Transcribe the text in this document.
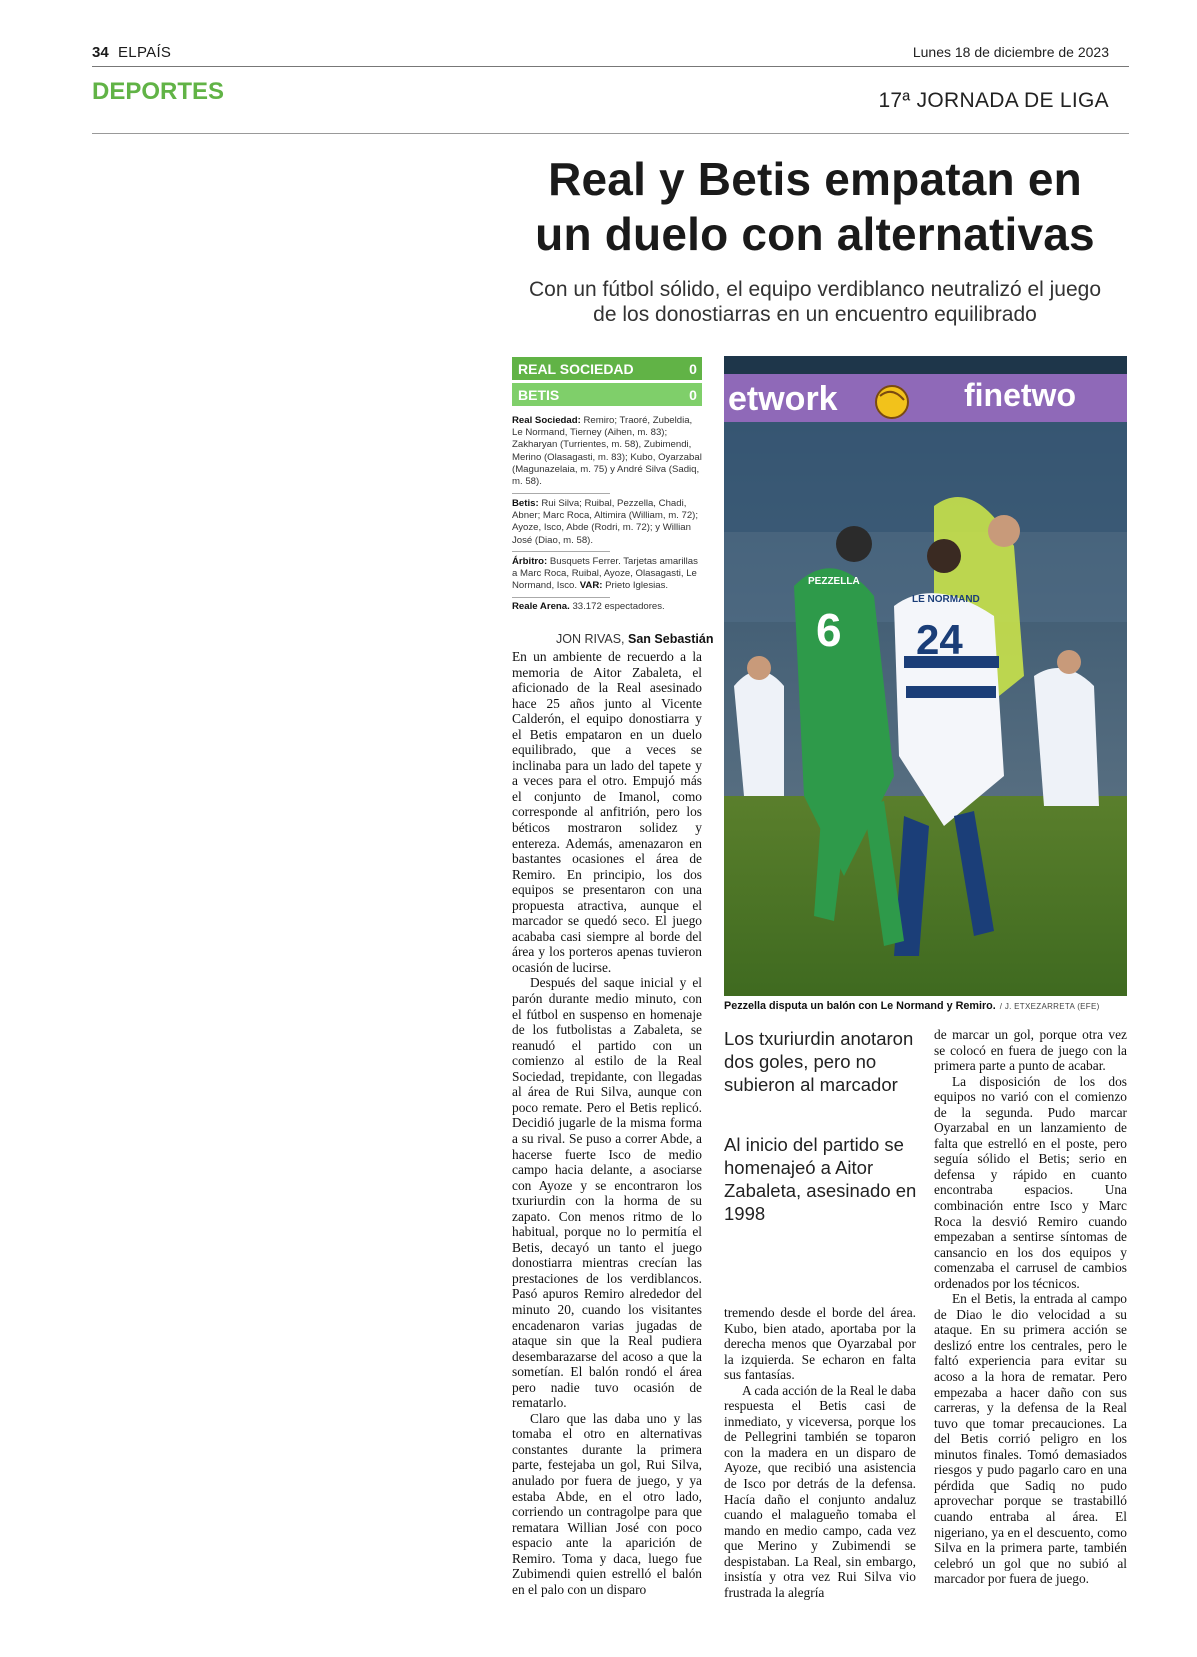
34 ELPAÍS	Lunes 18 de diciembre de 2023
DEPORTES	17ª JORNADA DE LIGA
Real y Betis empatan en
un duelo con alternativas
Con un fútbol sólido, el equipo verdiblanco neutralizó el juego
de los donostiarras en un encuentro equilibrado
REAL SOCIEDAD	0
BETIS	0
Real Sociedad: Remiro; Traoré, Zubeldia, Le Normand, Tierney (Aihen, m. 83); Zakharyan (Turrientes, m. 58), Zubimendi, Merino (Olasagasti, m. 83); Kubo, Oyarzabal (Magunazelaia, m. 75) y André Silva (Sadiq, m. 58).
Betis: Rui Silva; Ruibal, Pezzella, Chadi, Abner; Marc Roca, Altimira (William, m. 72); Ayoze, Isco, Abde (Rodri, m. 72); y Willian José (Diao, m. 58).
Árbitro: Busquets Ferrer. Tarjetas amarillas a Marc Roca, Ruibal, Ayoze, Olasagasti, Le Normand, Isco. VAR: Prieto Iglesias.
Reale Arena. 33.172 espectadores.
JON RIVAS, San Sebastián

En un ambiente de recuerdo a la memoria de Aitor Zabaleta, el aficionado de la Real asesinado hace 25 años junto al Vicente Calderón, el equipo donostiarra y el Betis empataron en un duelo equilibrado, que a veces se inclinaba para un lado del tapete y a veces para el otro. Empujó más el conjunto de Imanol, como corresponde al anfitrión, pero los béticos mostraron solidez y entereza. Además, amenazaron en bastantes ocasiones el área de Remiro. En principio, los dos equipos se presentaron con una propuesta atractiva, aunque el marcador se quedó seco. El juego acababa casi siempre al borde del área y los porteros apenas tuvieron ocasión de lucirse.

Después del saque inicial y el parón durante medio minuto, con el fútbol en suspenso en homenaje de los futbolistas a Zabaleta, se reanudó el partido con un comienzo al estilo de la Real Sociedad, trepidante, con llegadas al área de Rui Silva, aunque con poco remate. Pero el Betis replicó. Decidió jugarle de la misma forma a su rival. Se puso a correr Abde, a hacerse fuerte Isco de medio campo hacia delante, a asociarse con Ayoze y se encontraron los txuriurdin con la horma de su zapato. Con menos ritmo de lo habitual, porque no lo permitía el Betis, decayó un tanto el juego donostiarra mientras crecían las prestaciones de los verdiblancos. Pasó apuros Remiro alrededor del minuto 20, cuando los visitantes encadenaron varias jugadas de ataque sin que la Real pudiera desembarazarse del acoso a que la sometían. El balón rondó el área pero nadie tuvo ocasión de rematarlo.

Claro que las daba uno y las tomaba el otro en alternativas constantes durante la primera parte, festejaba un gol, Rui Silva, anulado por fuera de juego, y ya estaba Abde, en el otro lado, corriendo un contragolpe para que rematara Willian José con poco espacio ante la aparición de Remiro. Toma y daca, luego fue Zubimendi quien estrelló el balón en el palo con un disparo

etwork	finetwo
6
PEZZELLA
24
LE NORMAND
Pezzella disputa un balón con Le Normand y Remiro. / J. ETXEZARRETA (EFE)
Los txuriurdin anotaron dos goles, pero no subieron al marcador
Al inicio del partido se homenajeó a Aitor Zabaleta, asesinado en 1998

tremendo desde el borde del área. Kubo, bien atado, aportaba por la derecha menos que Oyarzabal por la izquierda. Se echaron en falta sus fantasías.

A cada acción de la Real le daba respuesta el Betis casi de inmediato, y viceversa, porque los de Pellegrini también se toparon con la madera en un disparo de Ayoze, que recibió una asistencia de Isco por detrás de la defensa. Hacía daño el conjunto andaluz cuando el malagueño tomaba el mando en medio campo, cada vez que Merino y Zubimendi se despistaban. La Real, sin embargo, insistía y otra vez Rui Silva vio frustrada la alegría

de marcar un gol, porque otra vez se colocó en fuera de juego con la primera parte a punto de acabar.

La disposición de los dos equipos no varió con el comienzo de la segunda. Pudo marcar Oyarzabal en un lanzamiento de falta que estrelló en el poste, pero seguía sólido el Betis; serio en defensa y rápido en cuanto encontraba espacios. Una combinación entre Isco y Marc Roca la desvió Remiro cuando empezaban a sentirse síntomas de cansancio en los dos equipos y comenzaba el carrusel de cambios ordenados por los técnicos.

En el Betis, la entrada al campo de Diao le dio velocidad a su ataque. En su primera acción se deslizó entre los centrales, pero le faltó experiencia para evitar su acoso a la hora de rematar. Pero empezaba a hacer daño con sus carreras, y la defensa de la Real tuvo que tomar precauciones. La del Betis corrió peligro en los minutos finales. Tomó demasiados riesgos y pudo pagarlo caro en una pérdida que Sadiq no pudo aprovechar porque se trastabilló cuando entraba al área. El nigeriano, ya en el descuento, como Silva en la primera parte, también celebró un gol que no subió al marcador por fuera de juego.
